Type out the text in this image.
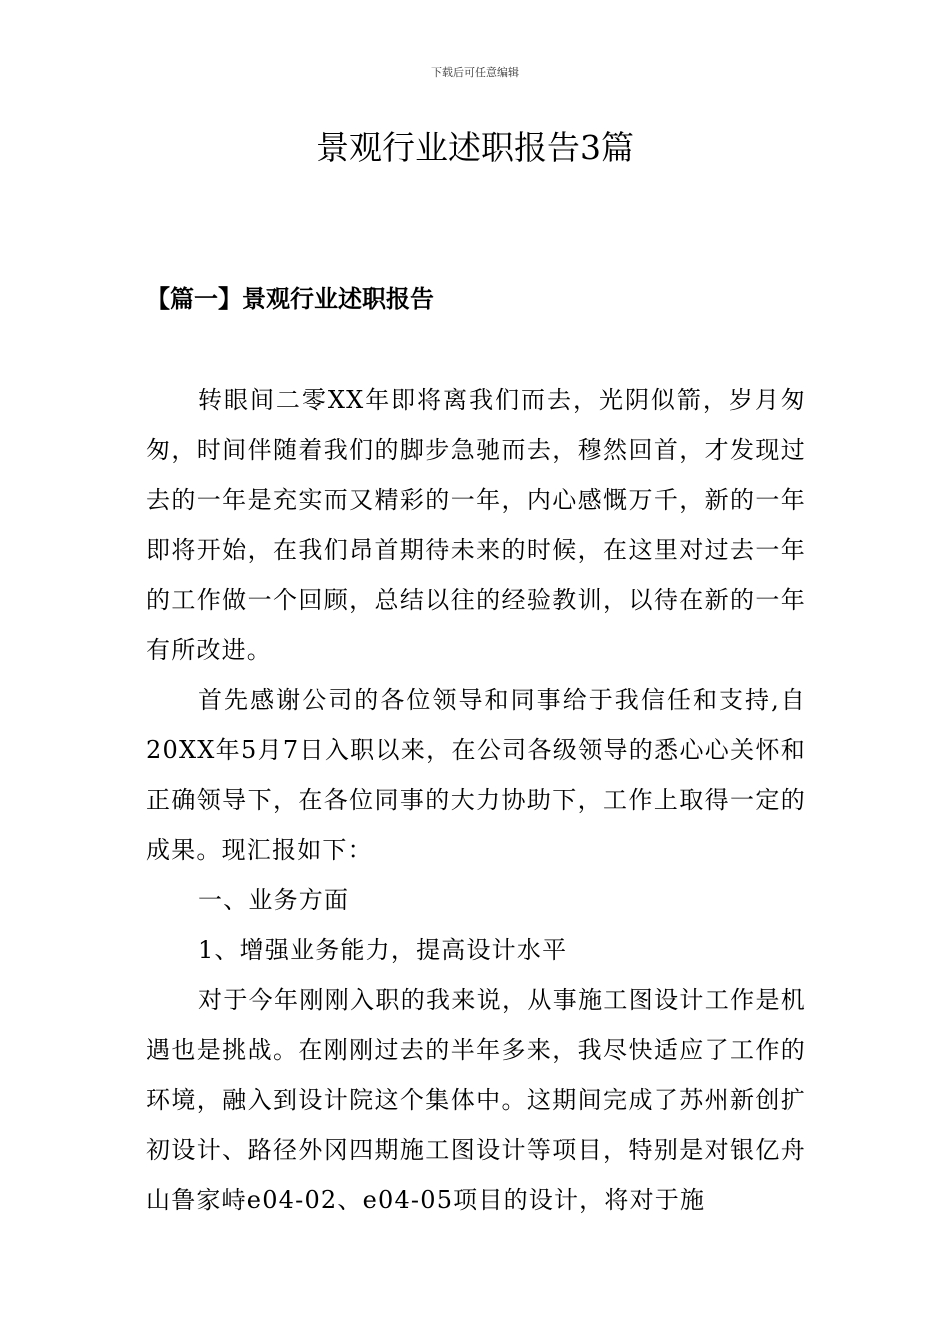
下载后可任意编辑
景观行业述职报告3篇
【篇一】景观行业述职报告

转眼间二零XX年即将离我们而去，光阴似箭，岁月匆匆，时间伴随着我们的脚步急驰而去，穆然回首，才发现过去的一年是充实而又精彩的一年，内心感慨万千，新的一年即将开始，在我们昂首期待未来的时候，在这里对过去一年的工作做一个回顾，总结以往的经验教训，以待在新的一年有所改进。

首先感谢公司的各位领导和同事给于我信任和支持,自20XX年5月7日入职以来，在公司各级领导的悉心心关怀和正确领导下，在各位同事的大力协助下，工作上取得一定的成果。现汇报如下：

一、业务方面

1、增强业务能力，提高设计水平

对于今年刚刚入职的我来说，从事施工图设计工作是机遇也是挑战。在刚刚过去的半年多来，我尽快适应了工作的环境，融入到设计院这个集体中。这期间完成了苏州新创扩初设计、路径外冈四期施工图设计等项目，特别是对银亿舟山鲁家峙e04-02、e04-05项目的设计，将对于施
